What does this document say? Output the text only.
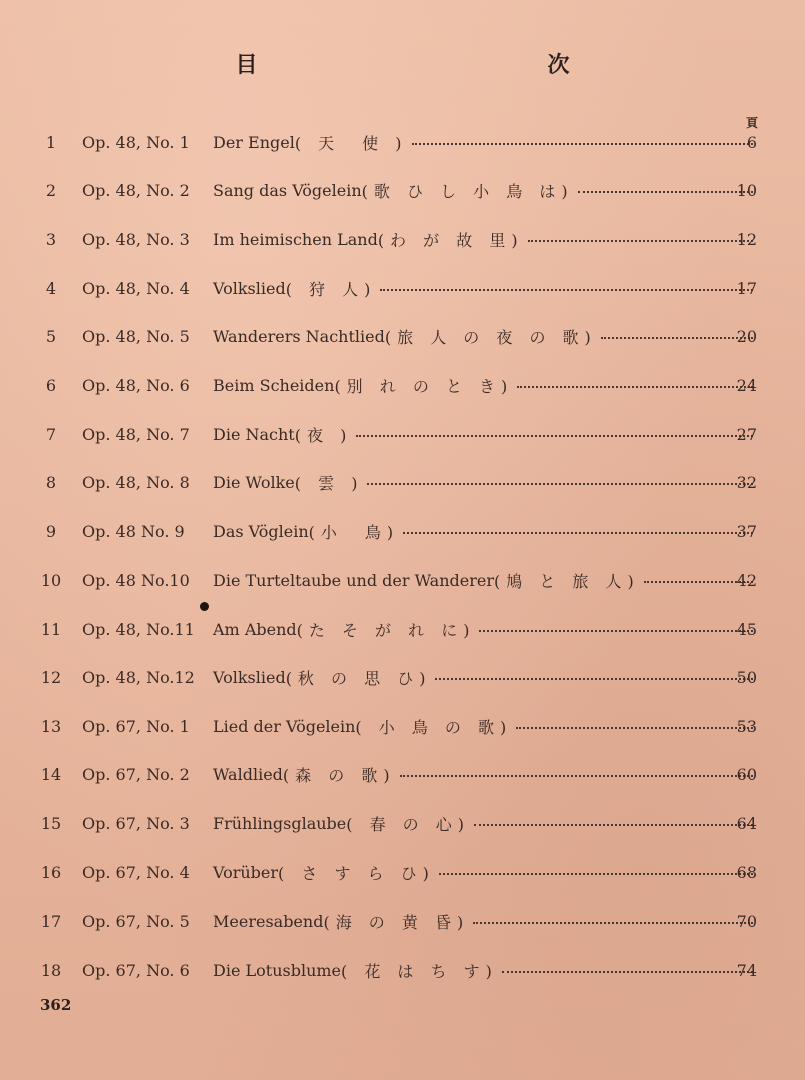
目　　次
頁
1	Op. 48, No. 1	Der Engel ( 天　使 )	6
2	Op. 48, No. 2	Sang das Vögelein (歌 ひ し 小 鳥 は)	10
3	Op. 48, No. 3	Im heimischen Land (わ が 故 里)	12
4	Op. 48, No. 4	Volkslied ( 狩 人)	17
5	Op. 48, No. 5	Wanderers Nachtlied (旅 人 の 夜 の 歌)	20
6	Op. 48, No. 6	Beim Scheiden (別 れ の と き)	24
7	Op. 48, No. 7	Die Nacht (夜 )	27
8	Op. 48, No. 8	Die Wolke ( 雲 )	32
9	Op. 48 No. 9	Das Vöglein (小　鳥)	37
10	Op. 48 No.10	Die Turteltaube und der Wanderer (鳩 と 旅 人)	42
11	Op. 48, No.11	Am Abend (た そ が れ に)	45
12	Op. 48, No.12	Volkslied (秋 の 思 ひ)	50
13	Op. 67, No. 1	Lied der Vögelein ( 小 鳥 の 歌)	53
14	Op. 67, No. 2	Waldlied (森 の 歌)	60
15	Op. 67, No. 3	Frühlingsglaube ( 春 の 心)	64
16	Op. 67, No. 4	Vorüber ( さ す ら ひ)	68
17	Op. 67, No. 5	Meeresabend (海 の 黄 昏)	70
18	Op. 67, No. 6	Die Lotusblume ( 花 は ち す)	74
362
